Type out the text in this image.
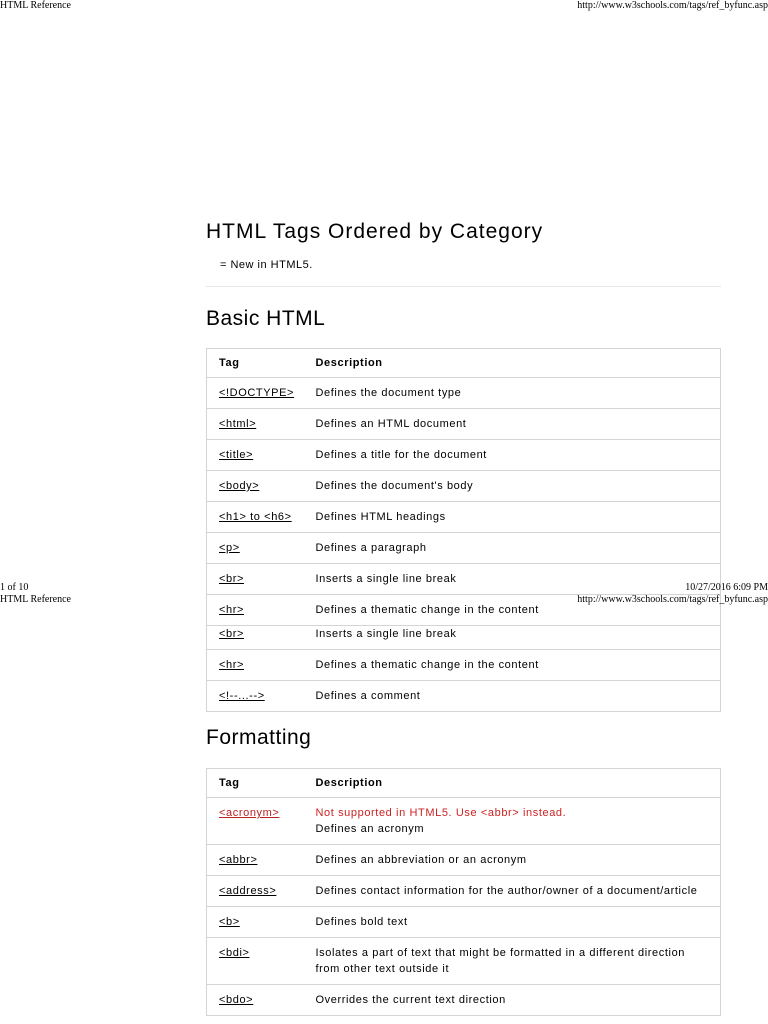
HTML Reference	http://www.w3schools.com/tags/ref_byfunc.asp
HTML Tags Ordered by Category
= New in HTML5.
Basic HTML
Tag	Description
<!DOCTYPE>	Defines the document type
<html>	Defines an HTML document
<title>	Defines a title for the document
<body>	Defines the document's body
<h1> to <h6>	Defines HTML headings
<p>	Defines a paragraph
<br>	Inserts a single line break
<hr>	Defines a thematic change in the content
1 of 10	10/27/2016 6:09 PM
HTML Reference	http://www.w3schools.com/tags/ref_byfunc.asp
<br>	Inserts a single line break
<hr>	Defines a thematic change in the content
<!--...-->	Defines a comment
Formatting
Tag	Description
<acronym>	Not supported in HTML5. Use <abbr> instead.
Defines an acronym

<abbr>	Defines an abbreviation or an acronym
<address>	Defines contact information for the author/owner of a document/article
<b>	Defines bold text
<bdi>	Isolates a part of text that might be formatted in a different direction from other text outside it
<bdo>	Overrides the current text direction
